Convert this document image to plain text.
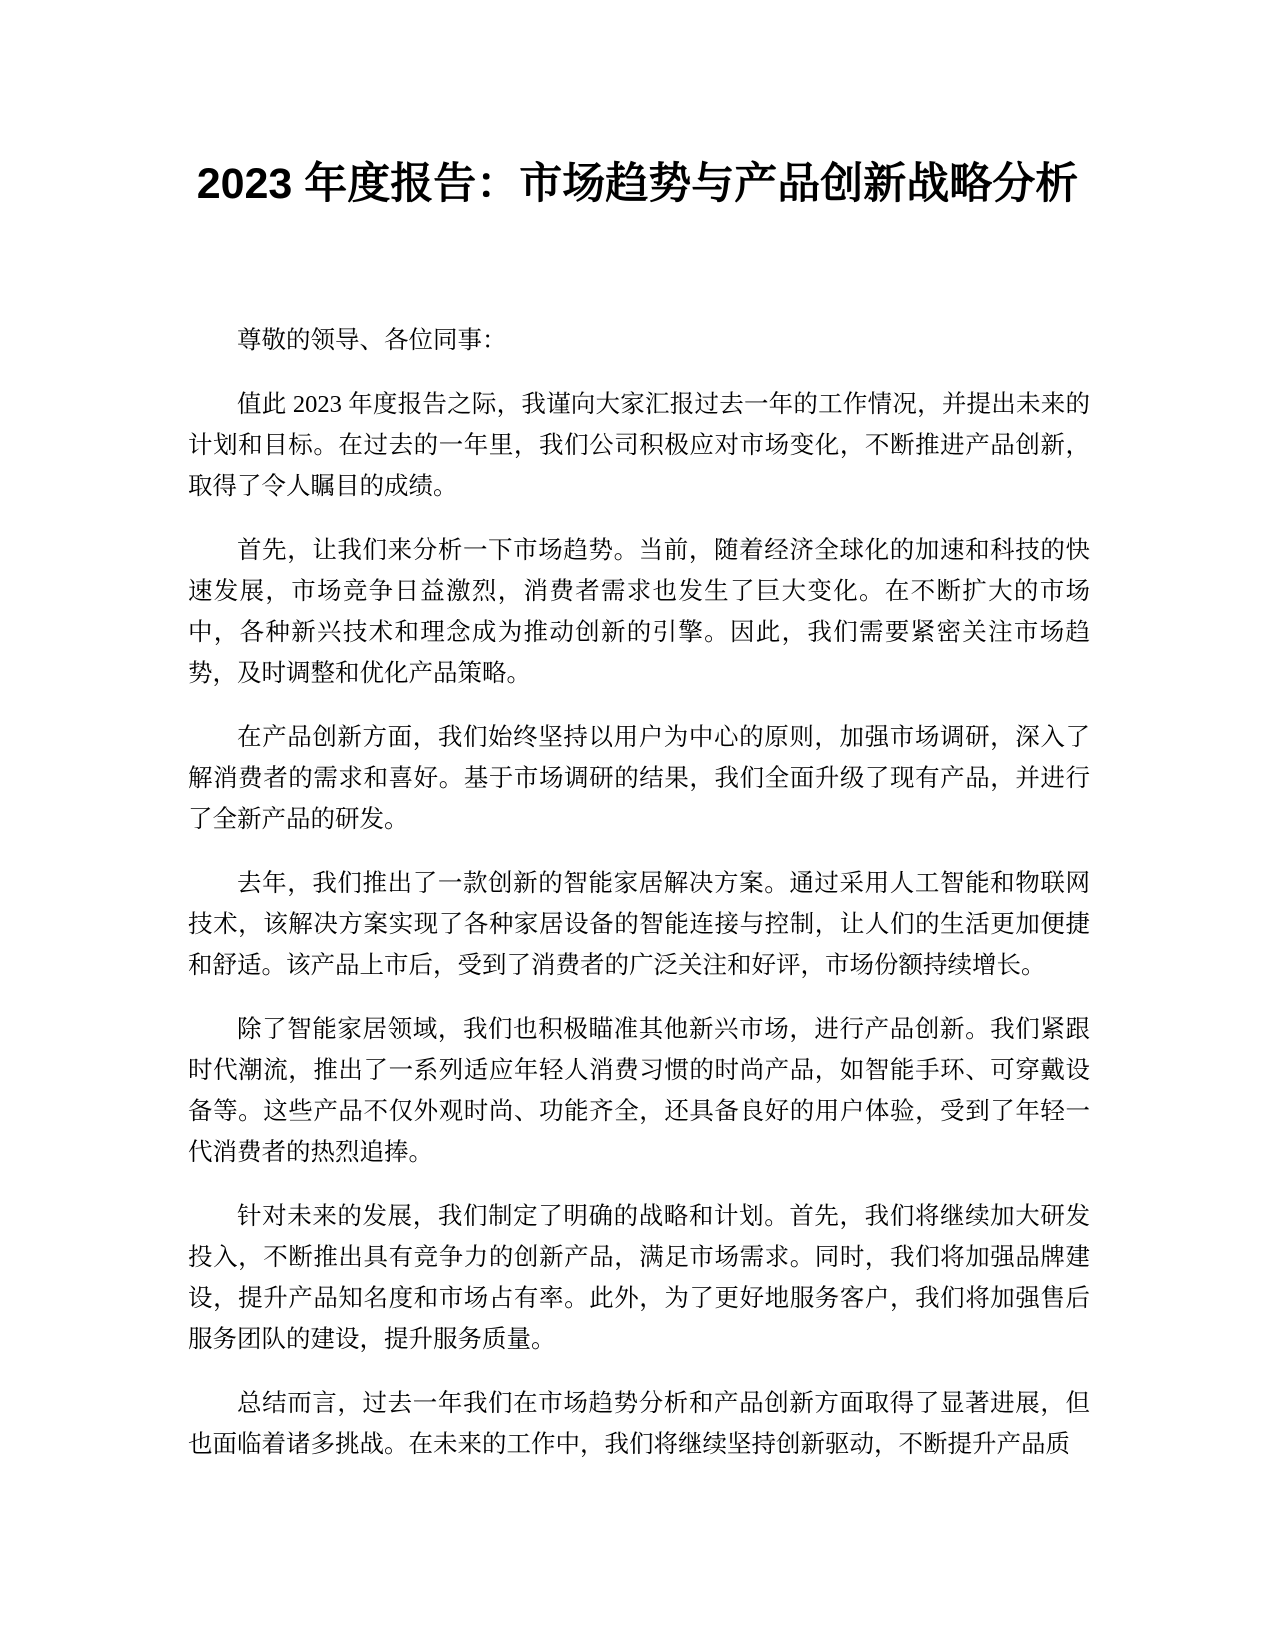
2023 年度报告：市场趋势与产品创新战略分析

尊敬的领导、各位同事：

值此 2023 年度报告之际，我谨向大家汇报过去一年的工作情况，并提出未来的计划和目标。在过去的一年里，我们公司积极应对市场变化，不断推进产品创新，取得了令人瞩目的成绩。

首先，让我们来分析一下市场趋势。当前，随着经济全球化的加速和科技的快速发展，市场竞争日益激烈，消费者需求也发生了巨大变化。在不断扩大的市场中，各种新兴技术和理念成为推动创新的引擎。因此，我们需要紧密关注市场趋势，及时调整和优化产品策略。

在产品创新方面，我们始终坚持以用户为中心的原则，加强市场调研，深入了解消费者的需求和喜好。基于市场调研的结果，我们全面升级了现有产品，并进行了全新产品的研发。

去年，我们推出了一款创新的智能家居解决方案。通过采用人工智能和物联网技术，该解决方案实现了各种家居设备的智能连接与控制，让人们的生活更加便捷和舒适。该产品上市后，受到了消费者的广泛关注和好评，市场份额持续增长。

除了智能家居领域，我们也积极瞄准其他新兴市场，进行产品创新。我们紧跟时代潮流，推出了一系列适应年轻人消费习惯的时尚产品，如智能手环、可穿戴设备等。这些产品不仅外观时尚、功能齐全，还具备良好的用户体验，受到了年轻一代消费者的热烈追捧。

针对未来的发展，我们制定了明确的战略和计划。首先，我们将继续加大研发投入，不断推出具有竞争力的创新产品，满足市场需求。同时，我们将加强品牌建设，提升产品知名度和市场占有率。此外，为了更好地服务客户，我们将加强售后服务团队的建设，提升服务质量。

总结而言，过去一年我们在市场趋势分析和产品创新方面取得了显著进展，但也面临着诸多挑战。在未来的工作中，我们将继续坚持创新驱动，不断提升产品质
